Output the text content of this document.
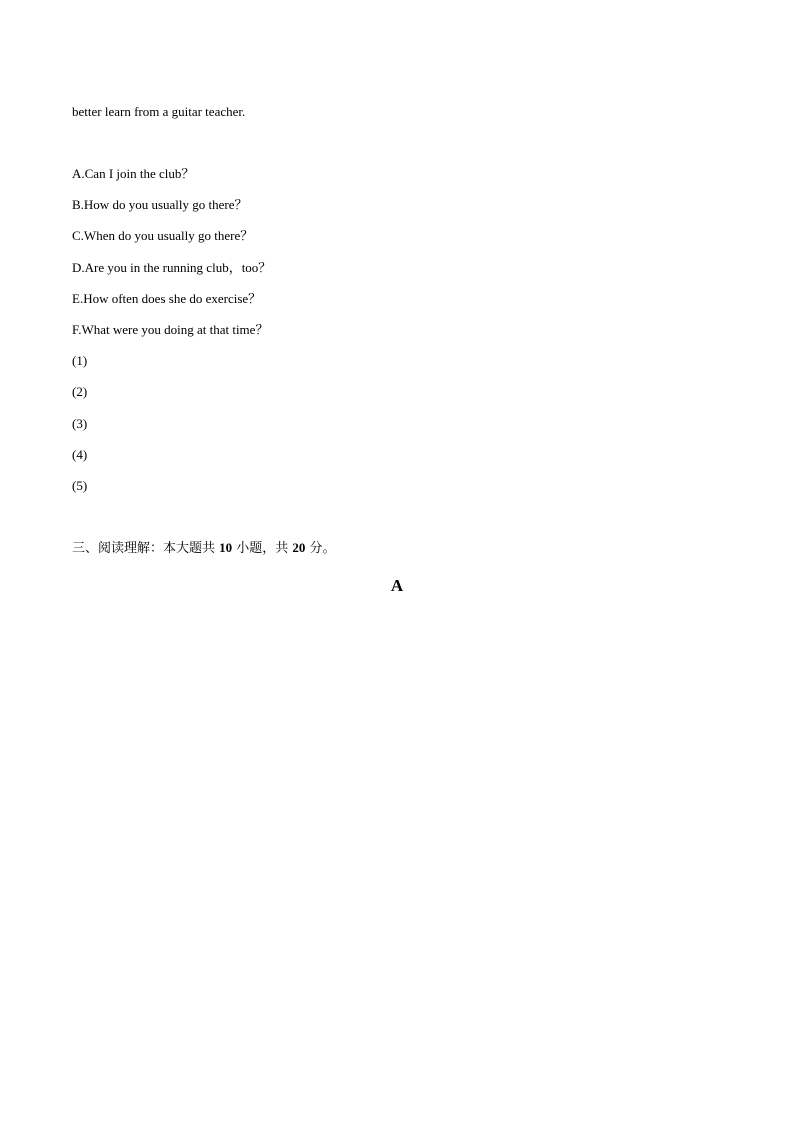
better learn from a guitar teacher.
A.Can I join the club？
B.How do you usually go there？
C.When do you usually go there？
D.Are you in the running club，too？
E.How often does she do exercise？
F.What were you doing at that time？
(1)
(2)
(3)
(4)
(5)
三、阅读理解：本大题共 10 小题，共 20 分。
A
